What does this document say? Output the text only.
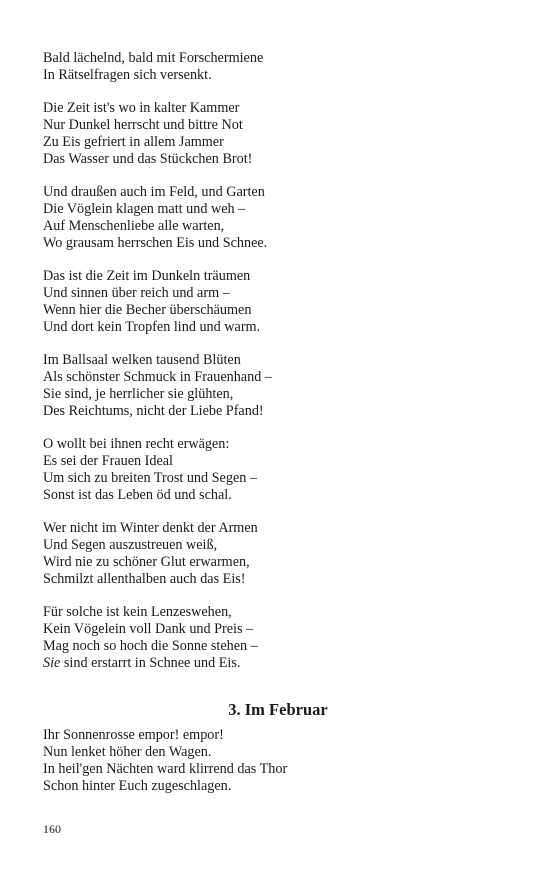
Bald lächelnd, bald mit Forschermiene
In Rätselfragen sich versenkt.
Die Zeit ist's wo in kalter Kammer
Nur Dunkel herrscht und bittre Not
Zu Eis gefriert in allem Jammer
Das Wasser und das Stückchen Brot!
Und draußen auch im Feld, und Garten
Die Vöglein klagen matt und weh –
Auf Menschenliebe alle warten,
Wo grausam herrschen Eis und Schnee.
Das ist die Zeit im Dunkeln träumen
Und sinnen über reich und arm –
Wenn hier die Becher überschäumen
Und dort kein Tropfen lind und warm.
Im Ballsaal welken tausend Blüten
Als schönster Schmuck in Frauenhand –
Sie sind, je herrlicher sie glühten,
Des Reichtums, nicht der Liebe Pfand!
O wollt bei ihnen recht erwägen:
Es sei der Frauen Ideal
Um sich zu breiten Trost und Segen –
Sonst ist das Leben öd und schal.
Wer nicht im Winter denkt der Armen
Und Segen auszustreuen weiß,
Wird nie zu schöner Glut erwarmen,
Schmilzt allenthalben auch das Eis!
Für solche ist kein Lenzeswehen,
Kein Vögelein voll Dank und Preis –
Mag noch so hoch die Sonne stehen –
Sie sind erstarrt in Schnee und Eis.
3. Im Februar
Ihr Sonnenrosse empor! empor!
Nun lenket höher den Wagen.
In heil'gen Nächten ward klirrend das Thor
Schon hinter Euch zugeschlagen.
160
